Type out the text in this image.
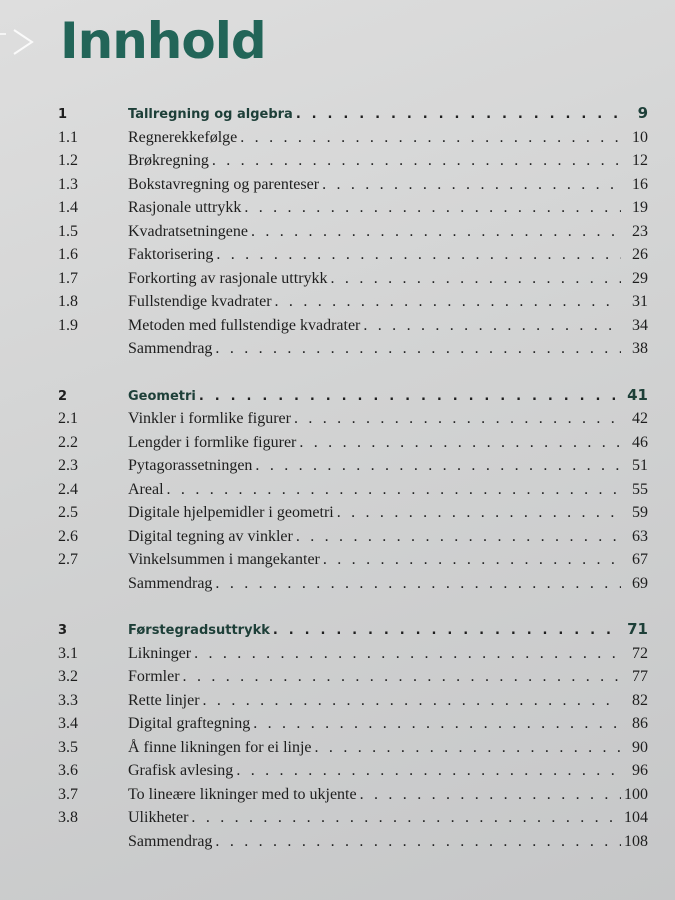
Innhold
1	Tallregning og algebra . . .	9
1.1	Regnerekkefølge . . .	10
1.2	Brøkregning . . .	12
1.3	Bokstavregning og parenteser . . .	16
1.4	Rasjonale uttrykk . . .	19
1.5	Kvadratsetningene . . .	23
1.6	Faktorisering . . .	26
1.7	Forkorting av rasjonale uttrykk . . .	29
1.8	Fullstendige kvadrater . . .	31
1.9	Metoden med fullstendige kvadrater . . .	34
Sammendrag . . .	38
2	Geometri . . .	41
2.1	Vinkler i formlike figurer . . .	42
2.2	Lengder i formlike figurer . . .	46
2.3	Pytagorassetningen . . .	51
2.4	Areal . . .	55
2.5	Digitale hjelpemidler i geometri . . .	59
2.6	Digital tegning av vinkler . . .	63
2.7	Vinkelsummen i mangekanter . . .	67
Sammendrag . . .	69
3	Førstegradsuttrykk . . .	71
3.1	Likninger . . .	72
3.2	Formler . . .	77
3.3	Rette linjer . . .	82
3.4	Digital graftegning . . .	86
3.5	Å finne likningen for ei linje . . .	90
3.6	Grafisk avlesing . . .	96
3.7	To lineære likninger med to ukjente . . .	100
3.8	Ulikheter . . .	104
Sammendrag . . .	108
